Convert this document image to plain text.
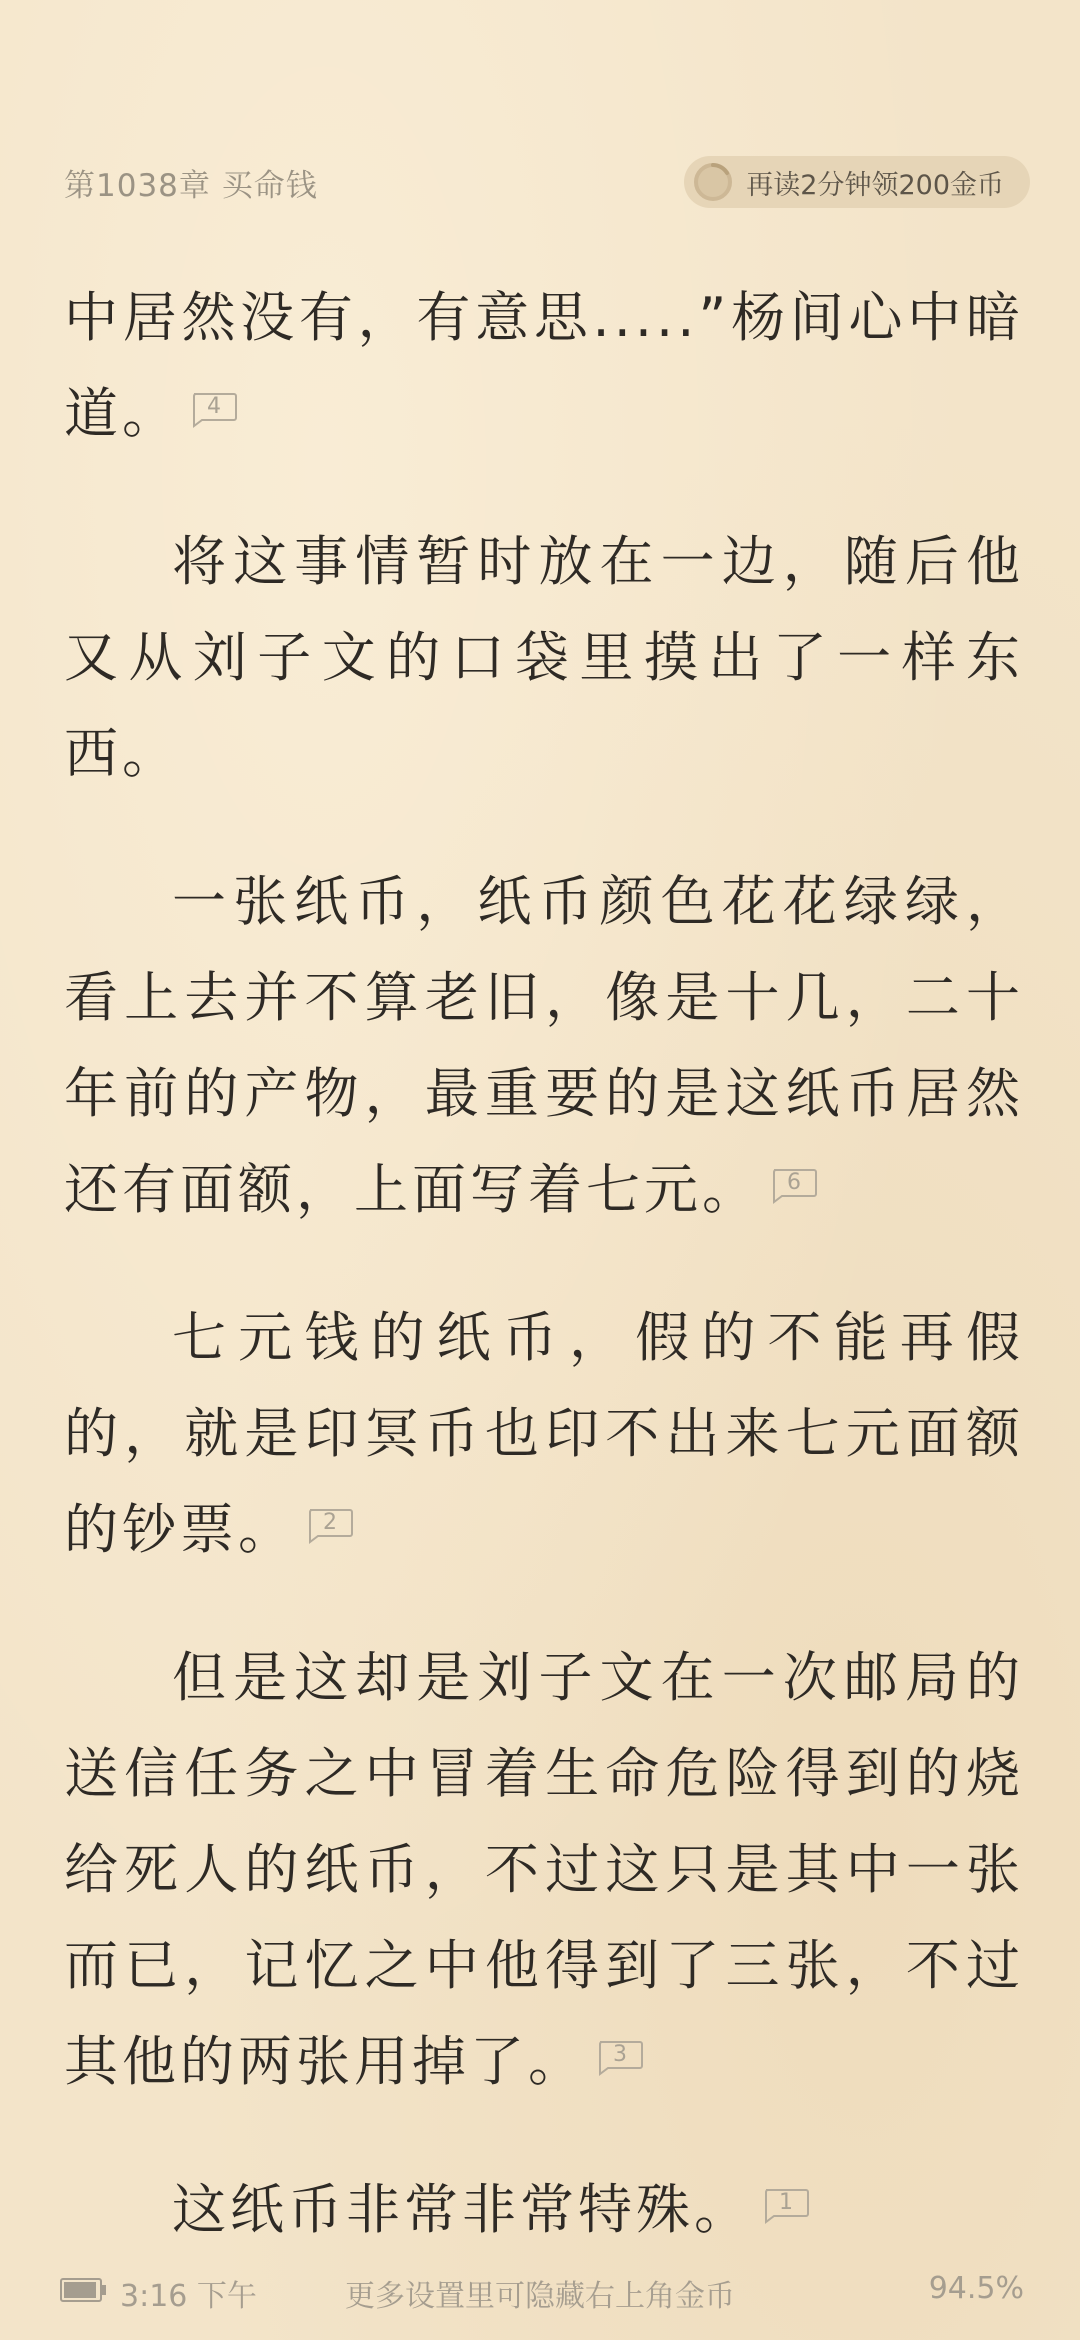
第1038章 买命钱	再读2分钟领200金币

中居然没有，有意思.....”杨间心中暗道。	4

将这事情暂时放在一边，随后他又从刘子文的口袋里摸出了一样东西。

一张纸币，纸币颜色花花绿绿，看上去并不算老旧，像是十几，二十年前的产物，最重要的是这纸币居然还有面额，上面写着七元。	6

七元钱的纸币，假的不能再假的，就是印冥币也印不出来七元面额的钞票。	2

但是这却是刘子文在一次邮局的送信任务之中冒着生命危险得到的烧给死人的纸币，不过这只是其中一张而已，记忆之中他得到了三张，不过其他的两张用掉了。	3

这纸币非常非常特殊。	1

3:16 下午	更多设置里可隐藏右上角金币	94.5%
